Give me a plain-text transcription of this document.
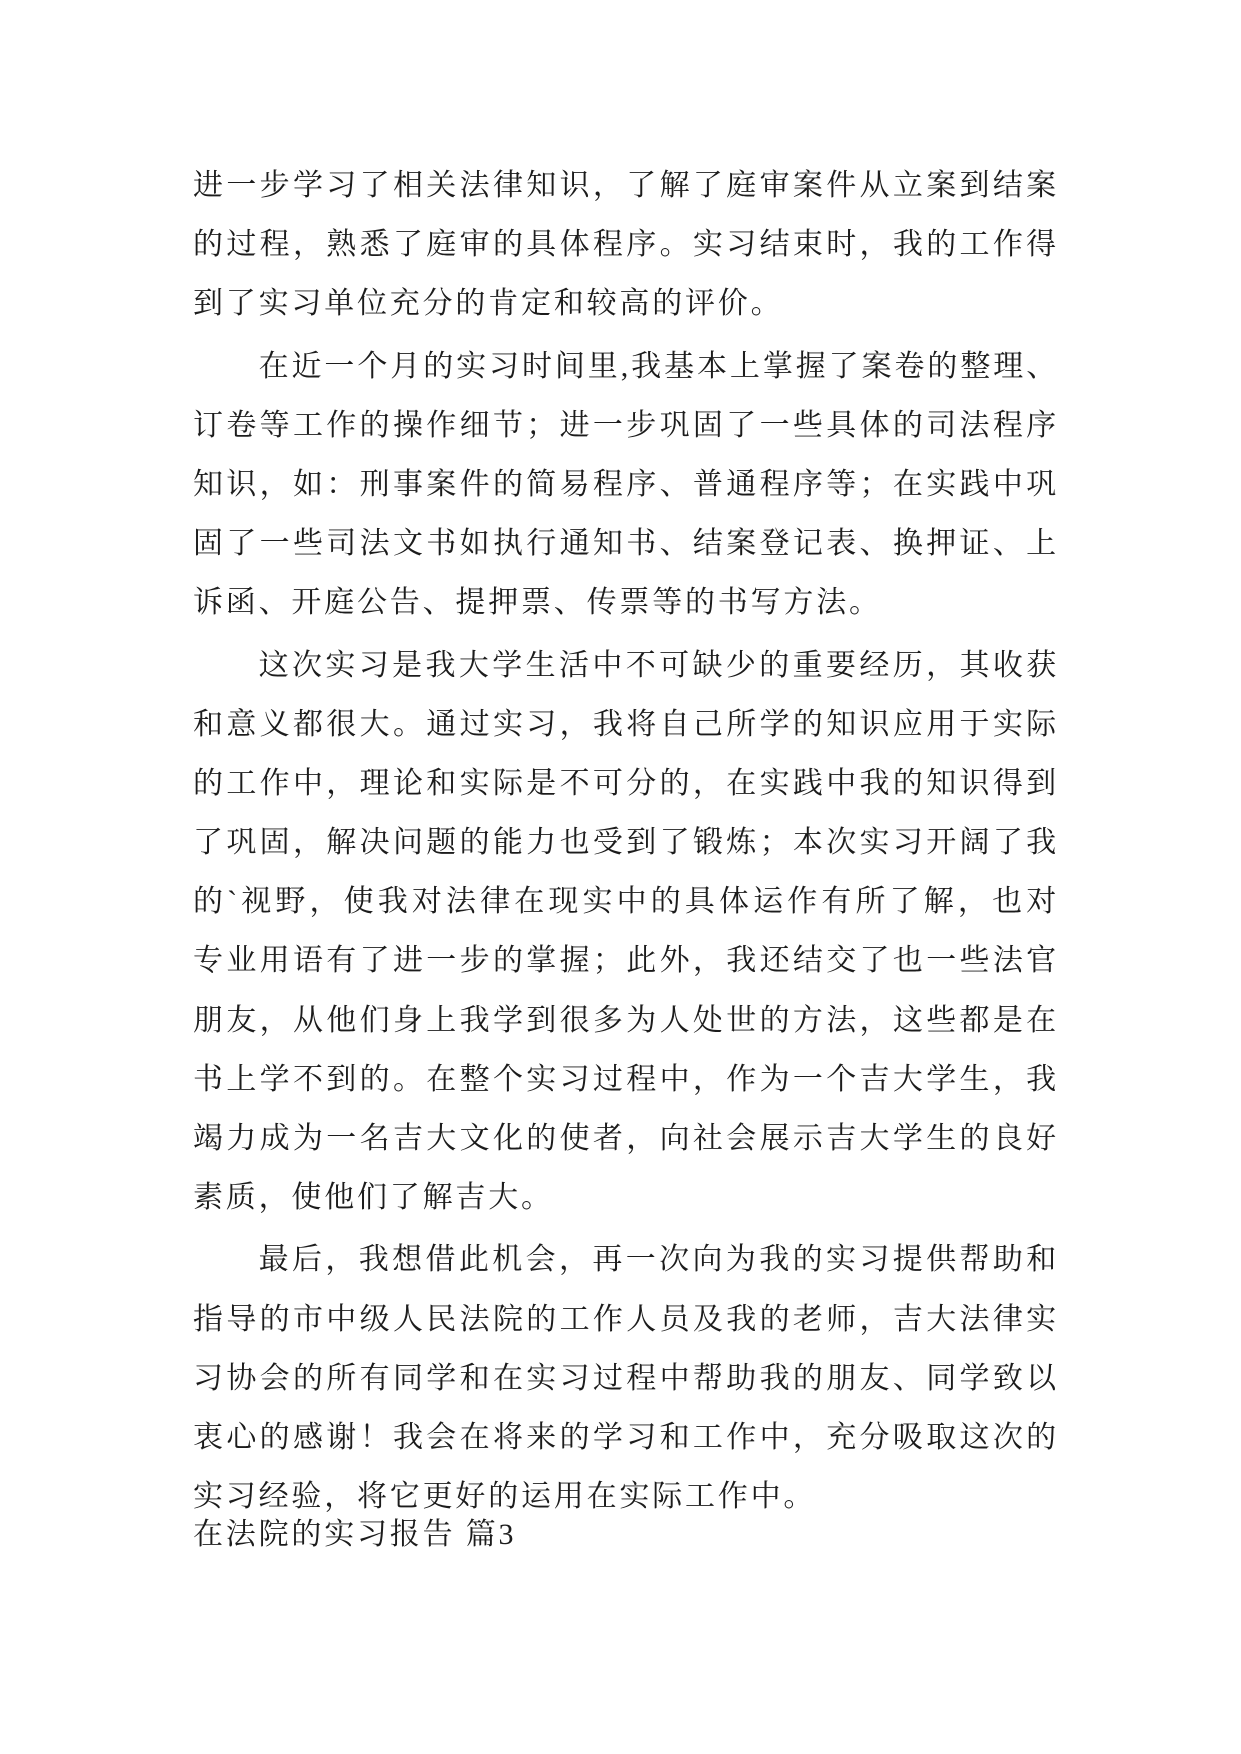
进一步学习了相关法律知识，了解了庭审案件从立案到结案
的过程，熟悉了庭审的具体程序。实习结束时，我的工作得
到了实习单位充分的肯定和较高的评价。
在近一个月的实习时间里,我基本上掌握了案卷的整理、
订卷等工作的操作细节；进一步巩固了一些具体的司法程序
知识，如：刑事案件的简易程序、普通程序等；在实践中巩
固了一些司法文书如执行通知书、结案登记表、换押证、上
诉函、开庭公告、提押票、传票等的书写方法。
这次实习是我大学生活中不可缺少的重要经历，其收获
和意义都很大。通过实习，我将自己所学的知识应用于实际
的工作中，理论和实际是不可分的，在实践中我的知识得到
了巩固，解决问题的能力也受到了锻炼；本次实习开阔了我
的`视野，使我对法律在现实中的具体运作有所了解，也对
专业用语有了进一步的掌握；此外，我还结交了也一些法官
朋友，从他们身上我学到很多为人处世的方法，这些都是在
书上学不到的。在整个实习过程中，作为一个吉大学生，我
竭力成为一名吉大文化的使者，向社会展示吉大学生的良好
素质，使他们了解吉大。
最后，我想借此机会，再一次向为我的实习提供帮助和
指导的市中级人民法院的工作人员及我的老师，吉大法律实
习协会的所有同学和在实习过程中帮助我的朋友、同学致以
衷心的感谢！我会在将来的学习和工作中，充分吸取这次的
实习经验，将它更好的运用在实际工作中。
在法院的实习报告 篇3
